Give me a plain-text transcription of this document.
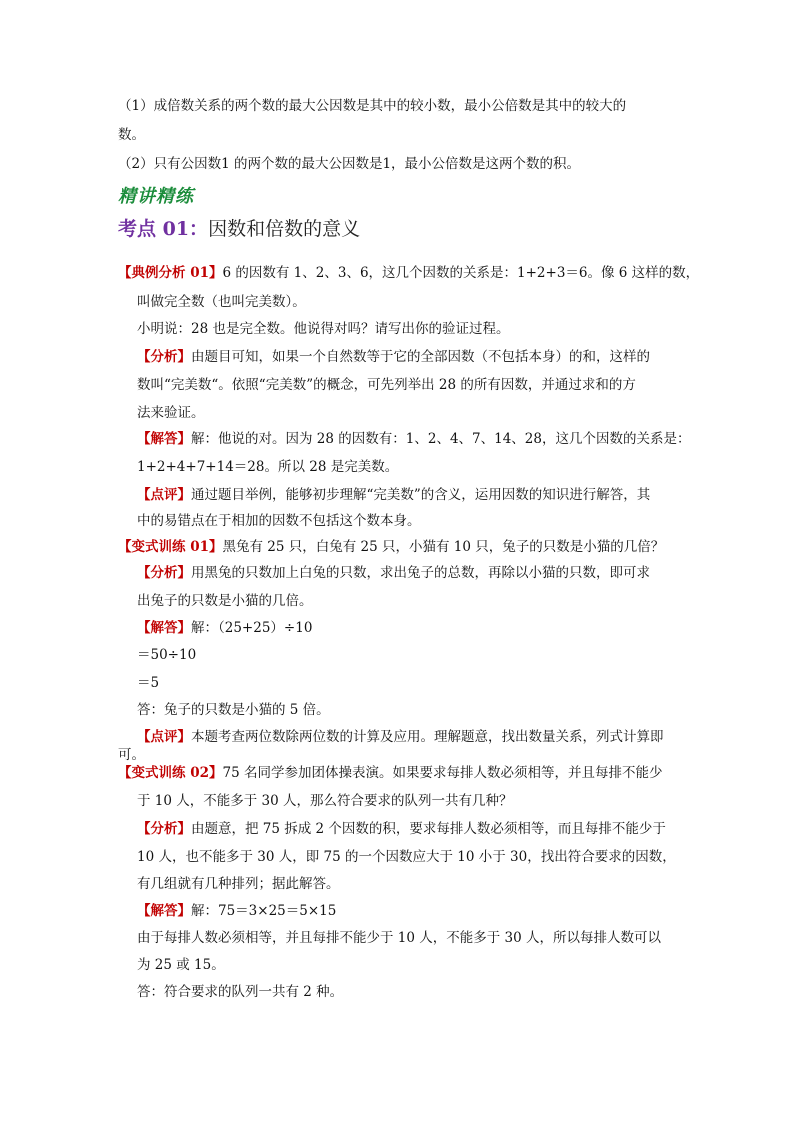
（1）成倍数关系的两个数的最大公因数是其中的较小数，最小公倍数是其中的较大的
数。
（2）只有公因数1 的两个数的最大公因数是1，最小公倍数是这两个数的积。
精讲精练
考点 01：因数和倍数的意义
【典例分析 01】6 的因数有 1、2、3、6，这几个因数的关系是：1+2+3＝6。像 6 这样的数，
叫做完全数（也叫完美数）。
小明说：28 也是完全数。他说得对吗？请写出你的验证过程。
【分析】由题目可知，如果一个自然数等于它的全部因数（不包括本身）的和，这样的
数叫“完美数“。依照“完美数”的概念，可先列举出 28 的所有因数，并通过求和的方
法来验证。
【解答】解：他说的对。因为 28 的因数有：1、2、4、7、14、28，这几个因数的关系是：
1+2+4+7+14＝28。所以 28 是完美数。
【点评】通过题目举例，能够初步理解“完美数”的含义，运用因数的知识进行解答，其
中的易错点在于相加的因数不包括这个数本身。
【变式训练 01】黑兔有 25 只，白兔有 25 只，小猫有 10 只，兔子的只数是小猫的几倍？
【分析】用黑兔的只数加上白兔的只数，求出兔子的总数，再除以小猫的只数，即可求
出兔子的只数是小猫的几倍。
【解答】解：（25+25）÷10
＝50÷10
＝5
答：兔子的只数是小猫的 5 倍。
【点评】本题考查两位数除两位数的计算及应用。理解题意，找出数量关系，列式计算即
可。
【变式训练 02】75 名同学参加团体操表演。如果要求每排人数必须相等，并且每排不能少
于 10 人，不能多于 30 人，那么符合要求的队列一共有几种？
【分析】由题意，把 75 拆成 2 个因数的积，要求每排人数必须相等，而且每排不能少于
10 人，也不能多于 30 人，即 75 的一个因数应大于 10 小于 30，找出符合要求的因数，
有几组就有几种排列；据此解答。
【解答】解：75＝3×25＝5×15
由于每排人数必须相等，并且每排不能少于 10 人，不能多于 30 人，所以每排人数可以
为 25 或 15。
答：符合要求的队列一共有 2 种。
